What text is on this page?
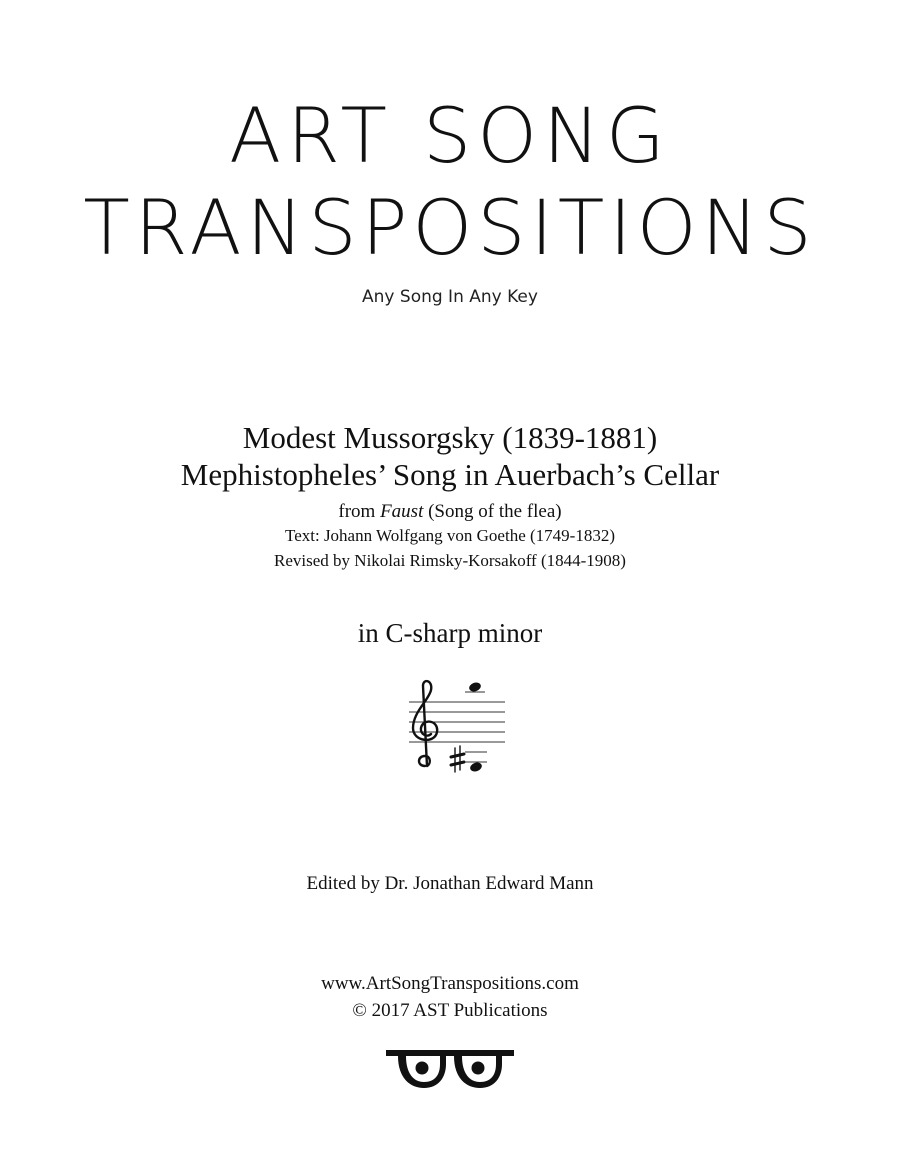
ART SONG
TRANSPOSITIONS
Any Song In Any Key
Modest Mussorgsky (1839-1881)
Mephistopheles’ Song in Auerbach’s Cellar
from Faust (Song of the flea)
Text: Johann Wolfgang von Goethe (1749-1832)
Revised by Nikolai Rimsky-Korsakoff (1844-1908)
in C-sharp minor
Edited by Dr. Jonathan Edward Mann
www.ArtSongTranspositions.com
© 2017 AST Publications
